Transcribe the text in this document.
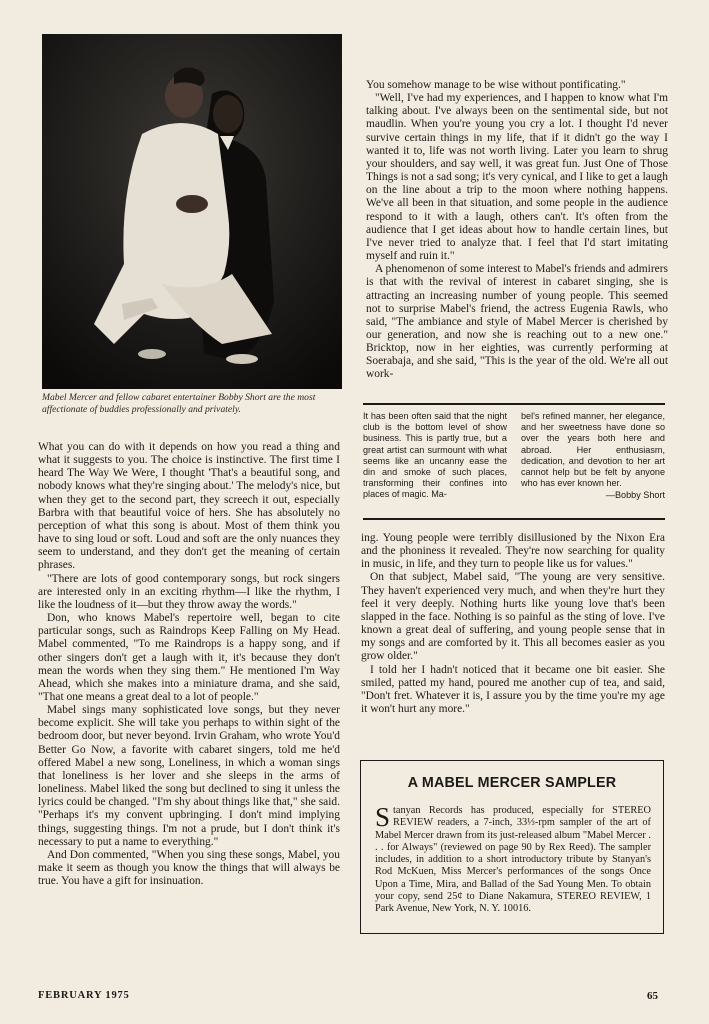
Mabel Mercer and fellow cabaret entertainer Bobby Short are the most affectionate of buddies professionally and privately.

What you can do with it depends on how you read a thing and what it suggests to you. The choice is instinctive. The first time I heard The Way We Were, I thought 'That's a beautiful song, and nobody knows what they're singing about.' The melody's nice, but when they get to the second part, they screech it out, especially Barbra with that beautiful voice of hers. She has absolutely no perception of what this song is about. Most of them think you have to sing loud or soft. Loud and soft are the only nuances they seem to understand, and they don't get the meaning of certain phrases.

"There are lots of good contemporary songs, but rock singers are interested only in an exciting rhythm—I like the rhythm, I like the loudness of it—but they throw away the words."

Don, who knows Mabel's repertoire well, began to cite particular songs, such as Raindrops Keep Falling on My Head. Mabel commented, "To me Raindrops is a happy song, and if other singers don't get a laugh with it, it's because they don't mean the words when they sing them." He mentioned I'm Way Ahead, which she makes into a miniature drama, and she said, "That one means a great deal to a lot of people."

Mabel sings many sophisticated love songs, but they never become explicit. She will take you perhaps to within sight of the bedroom door, but never beyond. Irvin Graham, who wrote You'd Better Go Now, a favorite with cabaret singers, told me he'd offered Mabel a new song, Loneliness, in which a woman sings that loneliness is her lover and she sleeps in the arms of loneliness. Mabel liked the song but declined to sing it unless the lyrics could be changed. "I'm shy about things like that," she said. "Perhaps it's my convent upbringing. I don't mind implying things, suggesting things. I'm not a prude, but I don't think it's necessary to put a name to everything."

And Don commented, "When you sing these songs, Mabel, you make it seem as though you know the things that will always be true. You have a gift for insinuation.

You somehow manage to be wise without pontificating."

"Well, I've had my experiences, and I happen to know what I'm talking about. I've always been on the sentimental side, but not maudlin. When you're young you cry a lot. I thought I'd never survive certain things in my life, that if it didn't go the way I wanted it to, life was not worth living. Later you learn to shrug your shoulders, and say well, it was great fun. Just One of Those Things is not a sad song; it's very cynical, and I like to get a laugh on the line about a trip to the moon where nothing happens. We've all been in that situation, and some people in the audience respond to it with a laugh, others can't. It's often from the audience that I get ideas about how to handle certain lines, but I've never tried to analyze that. I feel that I'd start imitating myself and ruin it."

A phenomenon of some interest to Mabel's friends and admirers is that with the revival of interest in cabaret singing, she is attracting an increasing number of young people. This seemed not to surprise Mabel's friend, the actress Eugenia Rawls, who said, "The ambiance and style of Mabel Mercer is cherished by our generation, and now she is reaching out to a new one." Bricktop, now in her eighties, was currently performing at Soerabaja, and she said, "This is the year of the old. We're all out work-

It has been often said that the night club is the bottom level of show business. This is partly true, but a great artist can surmount with what seems like an uncanny ease the din and smoke of such places, transforming their confines into places of magic. Ma-
bel's refined manner, her elegance, and her sweetness have done so over the years both here and abroad. Her enthusiasm, dedication, and devotion to her art cannot help but be felt by anyone who has ever known her.
—Bobby Short

ing. Young people were terribly disillusioned by the Nixon Era and the phoniness it revealed. They're now searching for quality in music, in life, and they turn to people like us for values."

On that subject, Mabel said, "The young are very sensitive. They haven't experienced very much, and when they're hurt they feel it very deeply. Nothing hurts like young love that's been slapped in the face. Nothing is so painful as the sting of love. I've known a great deal of suffering, and young people sense that in my songs and are comforted by it. This all becomes easier as you grow older."

I told her I hadn't noticed that it became one bit easier. She smiled, patted my hand, poured me another cup of tea, and said, "Don't fret. Whatever it is, I assure you by the time you're my age it won't hurt any more."

A MABEL MERCER SAMPLER
Stanyan Records has produced, especially for STEREO REVIEW readers, a 7-inch, 33⅓-rpm sampler of the art of Mabel Mercer drawn from its just-released album "Mabel Mercer . . . for Always" (reviewed on page 90 by Rex Reed). The sampler includes, in addition to a short introductory tribute by Stanyan's Rod McKuen, Miss Mercer's performances of the songs Once Upon a Time, Mira, and Ballad of the Sad Young Men. To obtain your copy, send 25¢ to Diane Nakamura, STEREO REVIEW, 1 Park Avenue, New York, N. Y. 10016.
FEBRUARY 1975	65
